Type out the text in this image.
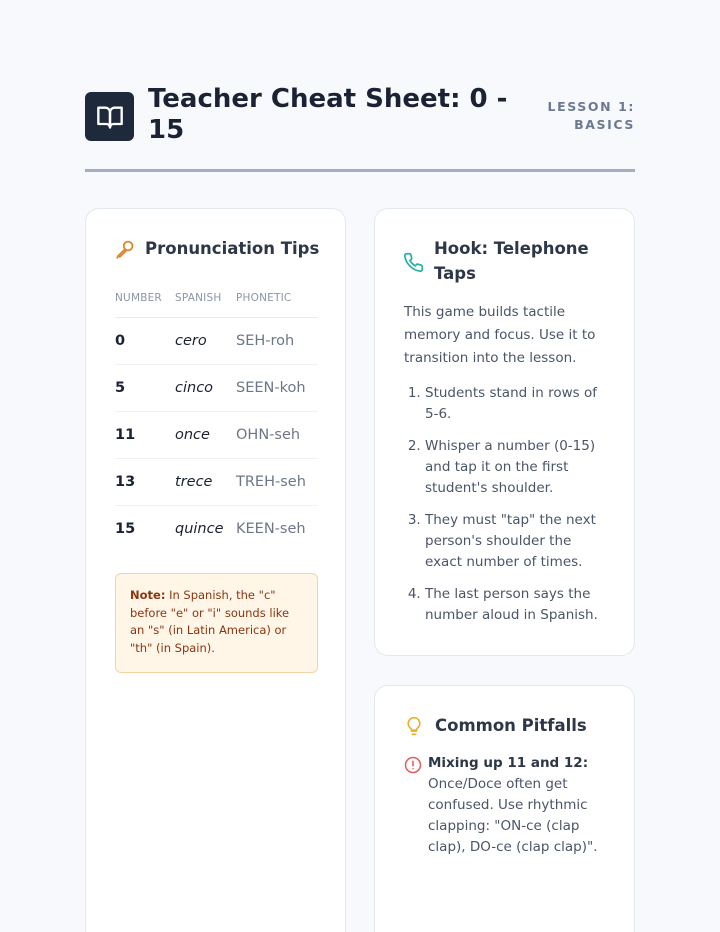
Teacher Cheat Sheet: 0 - 15
LESSON 1: BASICS
Pronunciation Tips
NUMBER	SPANISH	PHONETIC
0	cero	SEH-roh
5	cinco	SEEN-koh
11	once	OHN-seh
13	trece	TREH-seh
15	quince	KEEN-seh
Note: In Spanish, the "c" before "e" or "i" sounds like an "s" (in Latin America) or "th" (in Spain).
Hook: Telephone Taps
This game builds tactile memory and focus. Use it to transition into the lesson.
1. Students stand in rows of 5-6.
2. Whisper a number (0-15) and tap it on the first student's shoulder.
3. They must "tap" the next person's shoulder the exact number of times.
4. The last person says the number aloud in Spanish.
Common Pitfalls
Mixing up 11 and 12: Once/Doce often get confused. Use rhythmic clapping: "ON-ce (clap clap), DO-ce (clap clap)".
